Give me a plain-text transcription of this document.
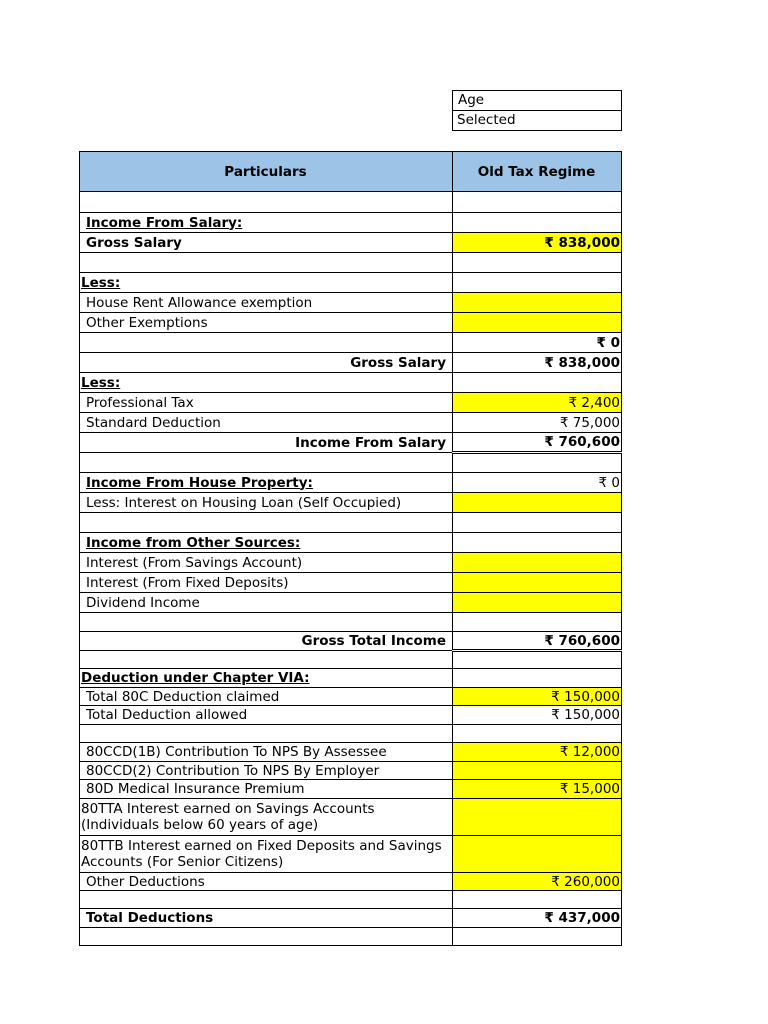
Age
Selected
Particulars	Old Tax Regime

Income From Salary:	
Gross Salary	₹ 838,000

Less:	
House Rent Allowance exemption	
Other Exemptions	
	₹ 0
Gross Salary	₹ 838,000
Less:	
Professional Tax	₹ 2,400
Standard Deduction	₹ 75,000
Income From Salary	₹ 760,600

Income From House Property:	₹ 0
Less: Interest on Housing Loan (Self Occupied)	

Income from Other Sources:	
Interest (From Savings Account)	
Interest (From Fixed Deposits)	
Dividend Income	

Gross Total Income	₹ 760,600

Deduction under Chapter VIA:	
Total 80C Deduction claimed	₹ 150,000
Total Deduction allowed	₹ 150,000

80CCD(1B) Contribution To NPS By Assessee	₹ 12,000
80CCD(2) Contribution To NPS By Employer	
80D Medical Insurance Premium	₹ 15,000
80TTA Interest earned on Savings Accounts (Individuals below 60 years of age)	
80TTB Interest earned on Fixed Deposits and Savings Accounts (For Senior Citizens)	
Other Deductions	₹ 260,000

Total Deductions	₹ 437,000
